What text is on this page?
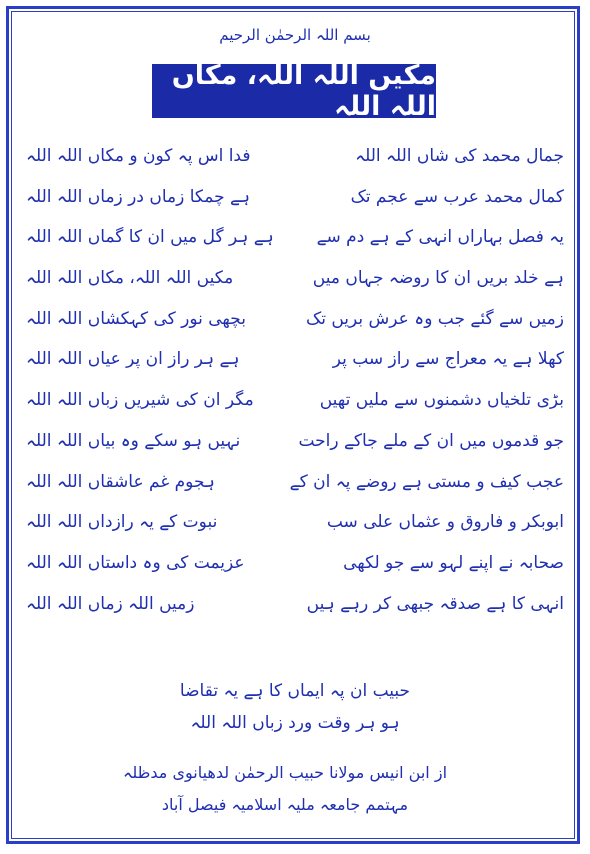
بسم اللہ الرحمٰن الرحیم
مکیں اللہ اللہ، مکاں اللہ اللہ
جمال محمد کی شاں اللہ اللہ
فدا اس پہ کون و مکاں اللہ اللہ
کمال محمد عرب سے عجم تک
ہے چمکا زماں در زماں اللہ اللہ
یہ فصل بہاراں انہی کے ہے دم سے
ہے ہر گل میں ان کا گماں اللہ اللہ
ہے خلد بریں ان کا روضہ جہاں میں
مکیں اللہ اللہ، مکاں اللہ اللہ
زمیں سے گئے جب وہ عرش بریں تک
بچھی نور کی کہکشاں اللہ اللہ
کھلا ہے یہ معراج سے راز سب پر
ہے ہر راز ان پر عیاں اللہ اللہ
بڑی تلخیاں دشمنوں سے ملیں تھیں
مگر ان کی شیریں زباں اللہ اللہ
جو قدموں میں ان کے ملے جاکے راحت
نہیں ہو سکے وہ بیاں اللہ اللہ
عجب کیف و مستی ہے روضے پہ ان کے
ہجوم غم عاشقاں اللہ اللہ
ابوبکر و فاروق و عثماں علی سب
نبوت کے یہ رازداں اللہ اللہ
صحابہ نے اپنے لہو سے جو لکھی
عزیمت کی وہ داستاں اللہ اللہ
انہی کا ہے صدقہ جبھی کر رہے ہیں
زمیں اللہ زماں اللہ اللہ
حبیب ان پہ ایماں کا ہے یہ تقاضا
ہو ہر وقت ورد زباں اللہ اللہ
از ابن انیس مولانا حبیب الرحمٰن لدھیانوی مدظلہ
مہتمم جامعہ ملیہ اسلامیہ فیصل آباد
